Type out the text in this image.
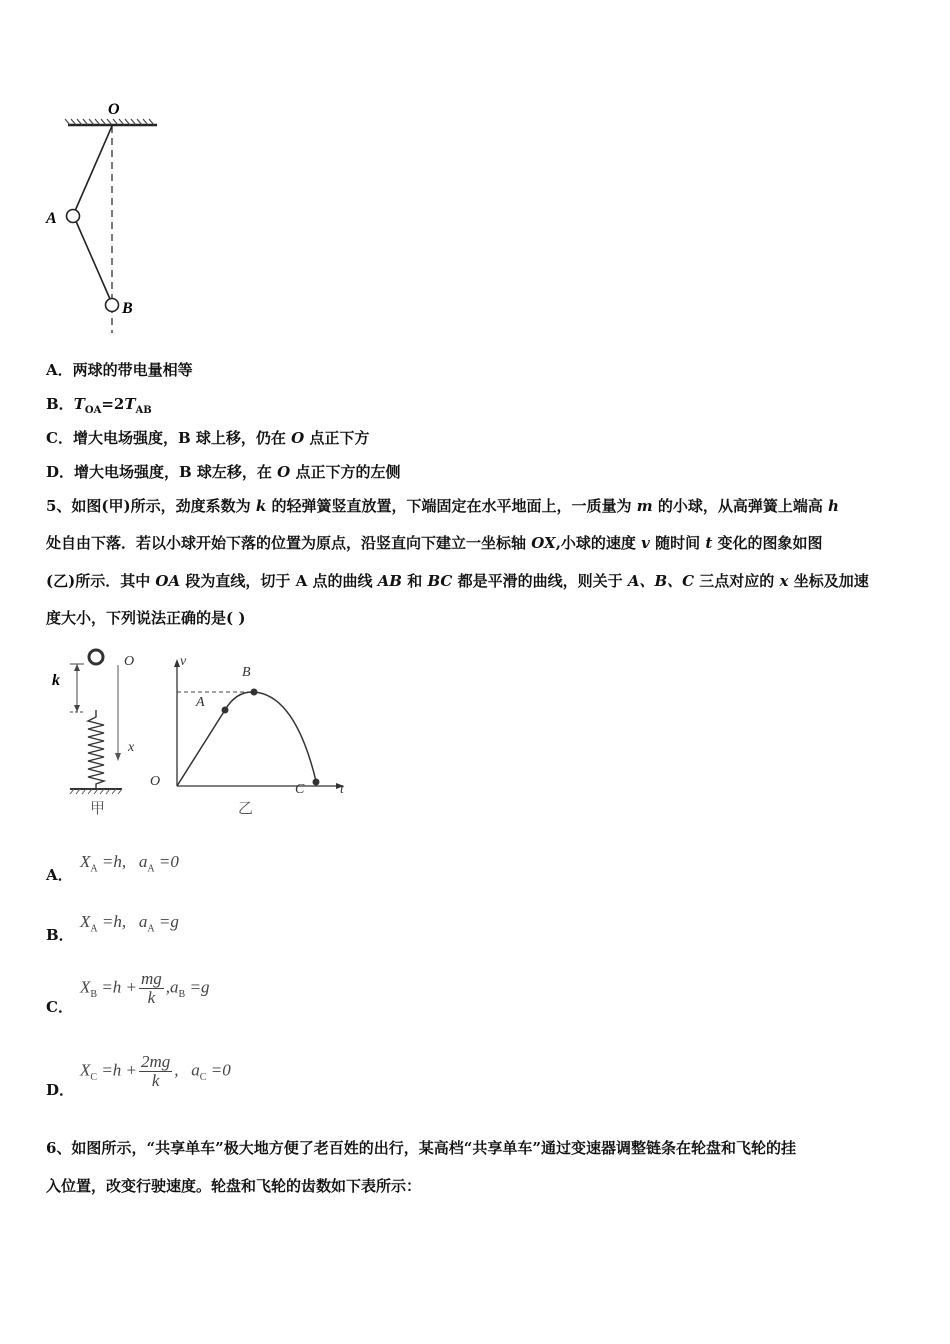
O
A
B
A．两球的带电量相等
B．$T_{OA}=2T_{AB}$
C．增大电场强度，B 球上移，仍在 O 点正下方
D．增大电场强度，B 球左移，在 O 点正下方的左侧
5、如图(甲)所示，劲度系数为 k 的轻弹簧竖直放置，下端固定在水平地面上，一质量为 m 的小球，从高弹簧上端高 h
处自由下落．若以小球开始下落的位置为原点，沿竖直向下建立一坐标轴 OX,小球的速度 v 随时间 t 变化的图象如图
(乙)所示．其中 OA 段为直线，切于 A 点的曲线 AB 和 BC 都是平滑的曲线，则关于 A、B、C 三点对应的 x 坐标及加速
度大小，下列说法正确的是( )
k
O
x
甲
v
O
A
B
C	t
乙
A．
$X_A =h$, $a_A =0$
B．
$X_A =h$, $a_A =g$
C．
$X_B =h + \frac{mg}{k} ,a_B =g$
D．
$X_C =h + \frac{2mg}{k}$ , $a_C =0$
6、如图所示，“共享单车”极大地方便了老百姓的出行，某高档“共享单车”通过变速器调整链条在轮盘和飞轮的挂
入位置，改变行驶速度。轮盘和飞轮的齿数如下表所示：
